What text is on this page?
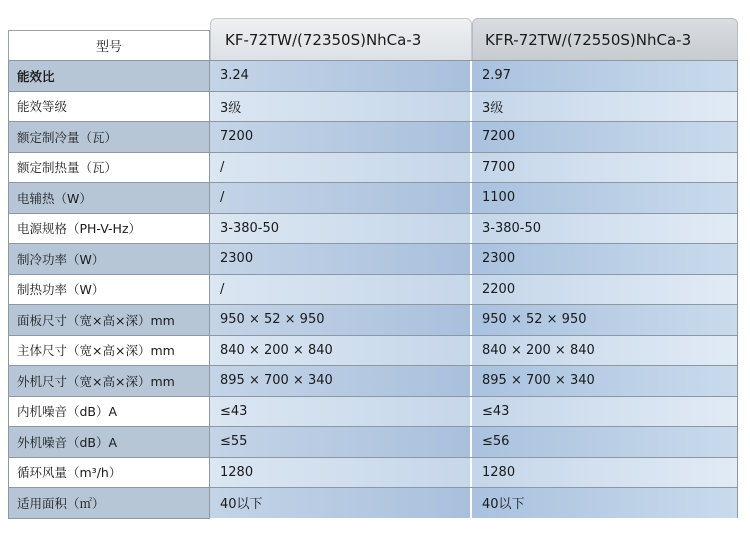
型号	KF-72TW/(72350S)NhCa-3	KFR-72TW/(72550S)NhCa-3
能效比	3.24	2.97
能效等级	3级	3级
额定制冷量（瓦）	7200	7200
额定制热量（瓦）	/	7700
电辅热（W）	/	1100
电源规格（PH-V-Hz）	3-380-50	3-380-50
制冷功率（W）	2300	2300
制热功率（W）	/	2200
面板尺寸（宽×高×深）mm	950 × 52 × 950	950 × 52 × 950
主体尺寸（宽×高×深）mm	840 × 200 × 840	840 × 200 × 840
外机尺寸（宽×高×深）mm	895 × 700 × 340	895 × 700 × 340
内机噪音（dB）A	≤43	≤43
外机噪音（dB）A	≤55	≤56
循环风量（m³/h）	1280	1280
适用面积（㎡）	40以下	40以下
